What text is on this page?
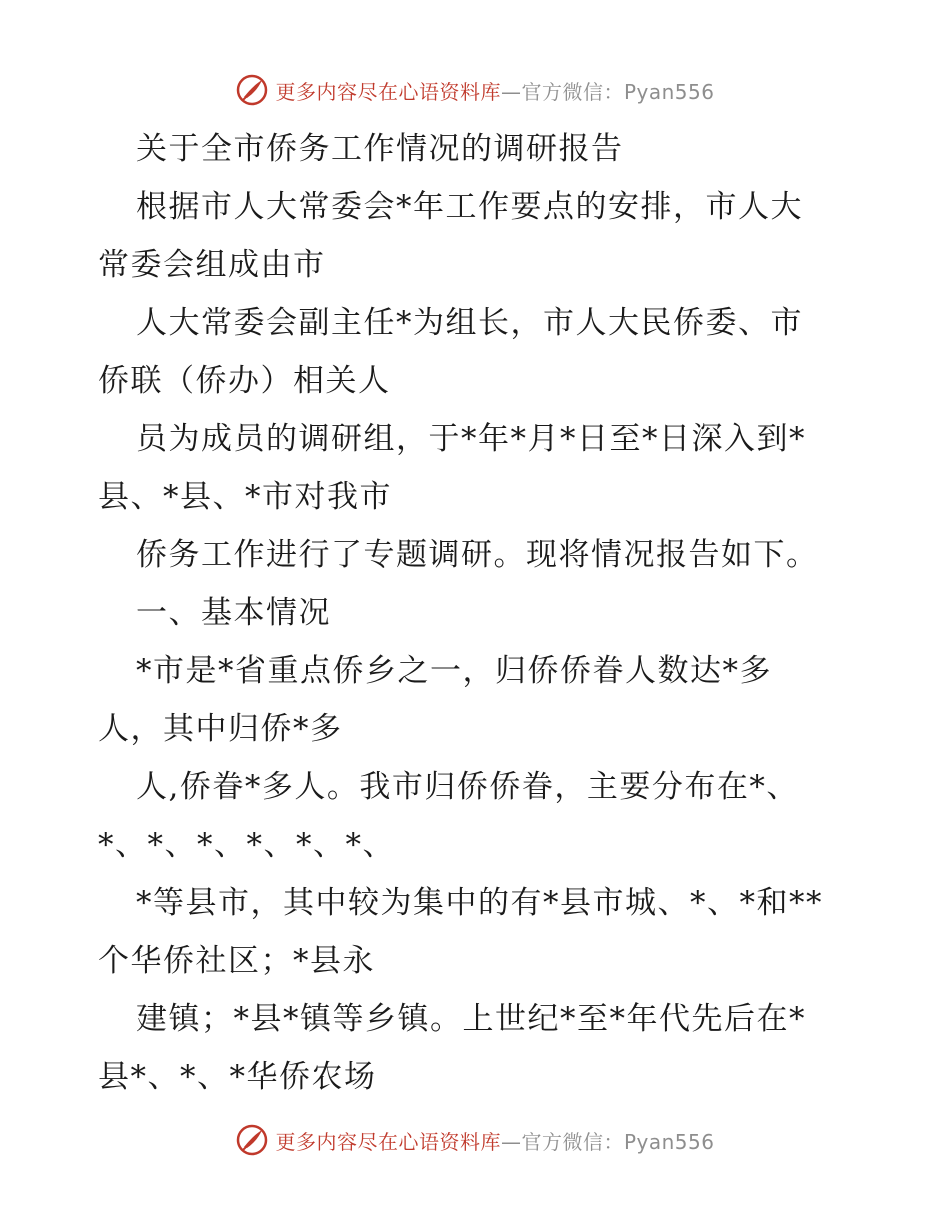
更多内容尽在心语资料库—官方微信：Pyan556
关于全市侨务工作情况的调研报告
根据市人大常委会*年工作要点的安排，市人大
常委会组成由市
人大常委会副主任*为组长，市人大民侨委、市
侨联（侨办）相关人
员为成员的调研组，于*年*月*日至*日深入到*
县、*县、*市对我市
侨务工作进行了专题调研。现将情况报告如下。
一、基本情况
*市是*省重点侨乡之一，归侨侨眷人数达*多
人，其中归侨*多
人,侨眷*多人。我市归侨侨眷，主要分布在*、
*、*、*、*、*、*、
*等县市，其中较为集中的有*县市城、*、*和**
个华侨社区；*县永
建镇；*县*镇等乡镇。上世纪*至*年代先后在*
县*、*、*华侨农场
更多内容尽在心语资料库—官方微信：Pyan556
